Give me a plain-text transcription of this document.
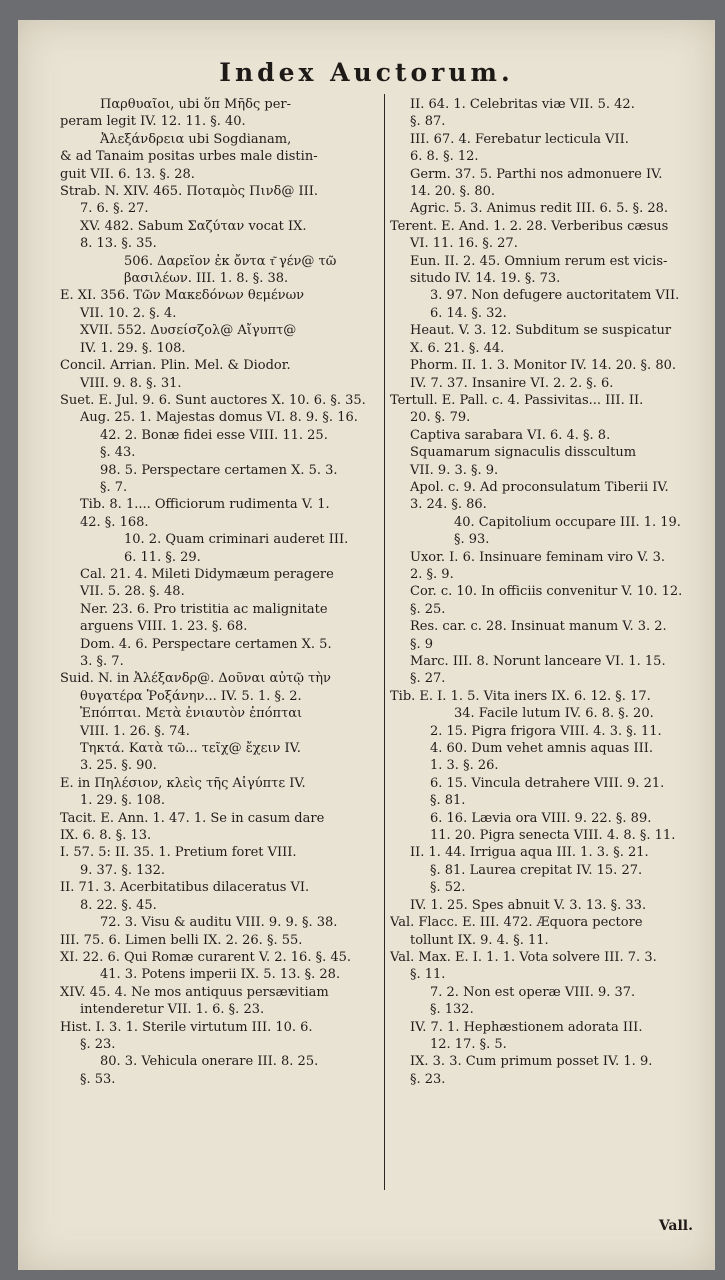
Index Auctorum.
Παρθυαῖοι, ubi ὅπ Μῆδς per-
peram legit IV. 12. 11. §. 40.
Ἀλεξάνδρεια ubi Sogdianam,
& ad Tanaim positas urbes male distin-
guit VII. 6. 13. §. 28.
Strab. N. XIV. 465. Ποταμὸς Πινδ@ III.
7. 6. §. 27.
XV. 482. Sabum Σαζύταν vocat IX.
8. 13. §. 35.
506. Δαρεῖον ἐκ ὄντα τ͂ γέν@ τῶ
βασιλέων. III. 1. 8. §. 38.
E. XI. 356. Τῶν Μακεδόνων θεμένων
VII. 10. 2. §. 4.
XVII. 552. Δυσείσζολ@ Αἴγυπτ@
IV. 1. 29. §. 108.
Concil. Arrian. Plin. Mel. & Diodor.
VIII. 9. 8. §. 31.
Suet. E. Jul. 9. 6. Sunt auctores X. 10. 6. §. 35.
Aug. 25. 1. Majestas domus VI. 8. 9. §. 16.
42. 2. Bonæ fidei esse VIII. 11. 25.
§. 43.
98. 5. Perspectare certamen X. 5. 3.
§. 7.
Tib. 8. 1.... Officiorum rudimenta V. 1.
42. §. 168.
10. 2. Quam criminari auderet III.
6. 11. §. 29.
Cal. 21. 4. Mileti Didymæum peragere
VII. 5. 28. §. 48.
Ner. 23. 6. Pro tristitia ac malignitate
arguens VIII. 1. 23. §. 68.
Dom. 4. 6. Perspectare certamen X. 5.
3. §. 7.
Suid. N. in Ἀλέξανδρ@. Δοῦναι αὐτῷ τὴν
θυγατέρα Ῥοξάνην... IV. 5. 1. §. 2.
Ἐπόπται. Μετὰ ἐνιαυτὸν ἐπόπται
VIII. 1. 26. §. 74.
Τηκτά. Κατὰ τῶ... τεῖχ@ ἔχειν IV.
3. 25. §. 90.
E. in Πηλέσιον, κλεὶς τῆς Αἰγύπτε IV.
1. 29. §. 108.
Tacit. E. Ann. 1. 47. 1. Se in casum dare
IX. 6. 8. §. 13.
I. 57. 5: II. 35. 1. Pretium foret VIII.
9. 37. §. 132.
II. 71. 3. Acerbitatibus dilaceratus VI.
8. 22. §. 45.
72. 3. Visu & auditu VIII. 9. 9. §. 38.
III. 75. 6. Limen belli IX. 2. 26. §. 55.
XI. 22. 6. Qui Romæ curarent V. 2. 16. §. 45.
41. 3. Potens imperii IX. 5. 13. §. 28.
XIV. 45. 4. Ne mos antiquus persævitiam
intenderetur VII. 1. 6. §. 23.
Hist. I. 3. 1. Sterile virtutum III. 10. 6.
§. 23.
80. 3. Vehicula onerare III. 8. 25.
§. 53.
II. 64. 1. Celebritas viæ VII. 5. 42.
§. 87.
III. 67. 4. Ferebatur lecticula VII.
6. 8. §. 12.
Germ. 37. 5. Parthi nos admonuere IV.
14. 20. §. 80.
Agric. 5. 3. Animus redit III. 6. 5. §. 28.
Terent. E. And. 1. 2. 28. Verberibus cæsus
VI. 11. 16. §. 27.
Eun. II. 2. 45. Omnium rerum est vicis-
situdo IV. 14. 19. §. 73.
3. 97. Non defugere auctoritatem VII.
6. 14. §. 32.
Heaut. V. 3. 12. Subditum se suspicatur
X. 6. 21. §. 44.
Phorm. II. 1. 3. Monitor IV. 14. 20. §. 80.
IV. 7. 37. Insanire VI. 2. 2. §. 6.
Tertull. E. Pall. c. 4. Passivitas... III. II.
20. §. 79.
Captiva sarabara VI. 6. 4. §. 8.
Squamarum signaculis disscultum
VII. 9. 3. §. 9.
Apol. c. 9. Ad proconsulatum Tiberii IV.
3. 24. §. 86.
40. Capitolium occupare III. 1. 19.
§. 93.
Uxor. I. 6. Insinuare feminam viro V. 3.
2. §. 9.
Cor. c. 10. In officiis convenitur V. 10. 12.
§. 25.
Res. car. c. 28. Insinuat manum V. 3. 2.
§. 9
Marc. III. 8. Norunt lanceare VI. 1. 15.
§. 27.
Tib. E. I. 1. 5. Vita iners IX. 6. 12. §. 17.
34. Facile lutum IV. 6. 8. §. 20.
2. 15. Pigra frigora VIII. 4. 3. §. 11.
4. 60. Dum vehet amnis aquas III.
1. 3. §. 26.
6. 15. Vincula detrahere VIII. 9. 21.
§. 81.
6. 16. Lævia ora VIII. 9. 22. §. 89.
11. 20. Pigra senecta VIII. 4. 8. §. 11.
II. 1. 44. Irrigua aqua III. 1. 3. §. 21.
§. 81. Laurea crepitat IV. 15. 27.
§. 52.
IV. 1. 25. Spes abnuit V. 3. 13. §. 33.
Val. Flacc. E. III. 472. Æquora pectore
tollunt IX. 9. 4. §. 11.
Val. Max. E. I. 1. 1. Vota solvere III. 7. 3.
§. 11.
7. 2. Non est operæ VIII. 9. 37.
§. 132.
IV. 7. 1. Hephæstionem adorata III.
12. 17. §. 5.
IX. 3. 3. Cum primum posset IV. 1. 9.
§. 23.
Vall.
